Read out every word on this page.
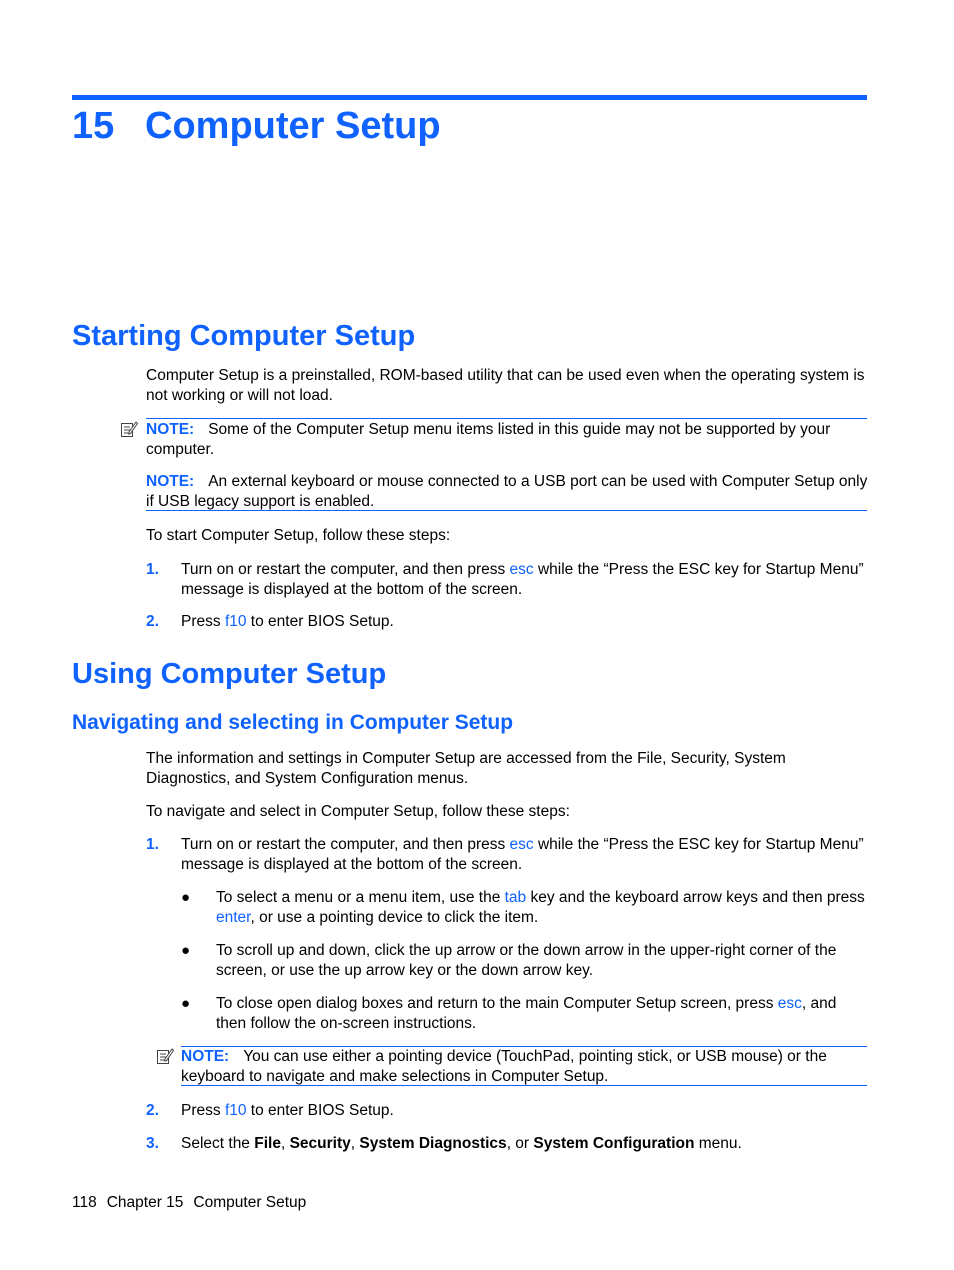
15 Computer Setup
Starting Computer Setup
Computer Setup is a preinstalled, ROM-based utility that can be used even when the operating system is not working or will not load.
NOTE: Some of the Computer Setup menu items listed in this guide may not be supported by your computer.
NOTE: An external keyboard or mouse connected to a USB port can be used with Computer Setup only if USB legacy support is enabled.
To start Computer Setup, follow these steps:
1. Turn on or restart the computer, and then press esc while the “Press the ESC key for Startup Menu” message is displayed at the bottom of the screen.
2. Press f10 to enter BIOS Setup.
Using Computer Setup
Navigating and selecting in Computer Setup
The information and settings in Computer Setup are accessed from the File, Security, System Diagnostics, and System Configuration menus.
To navigate and select in Computer Setup, follow these steps:
1. Turn on or restart the computer, and then press esc while the “Press the ESC key for Startup Menu” message is displayed at the bottom of the screen.
● To select a menu or a menu item, use the tab key and the keyboard arrow keys and then press enter, or use a pointing device to click the item.
● To scroll up and down, click the up arrow or the down arrow in the upper-right corner of the screen, or use the up arrow key or the down arrow key.
● To close open dialog boxes and return to the main Computer Setup screen, press esc, and then follow the on-screen instructions.
NOTE: You can use either a pointing device (TouchPad, pointing stick, or USB mouse) or the keyboard to navigate and make selections in Computer Setup.
2. Press f10 to enter BIOS Setup.
3. Select the File, Security, System Diagnostics, or System Configuration menu.
118 Chapter 15 Computer Setup
